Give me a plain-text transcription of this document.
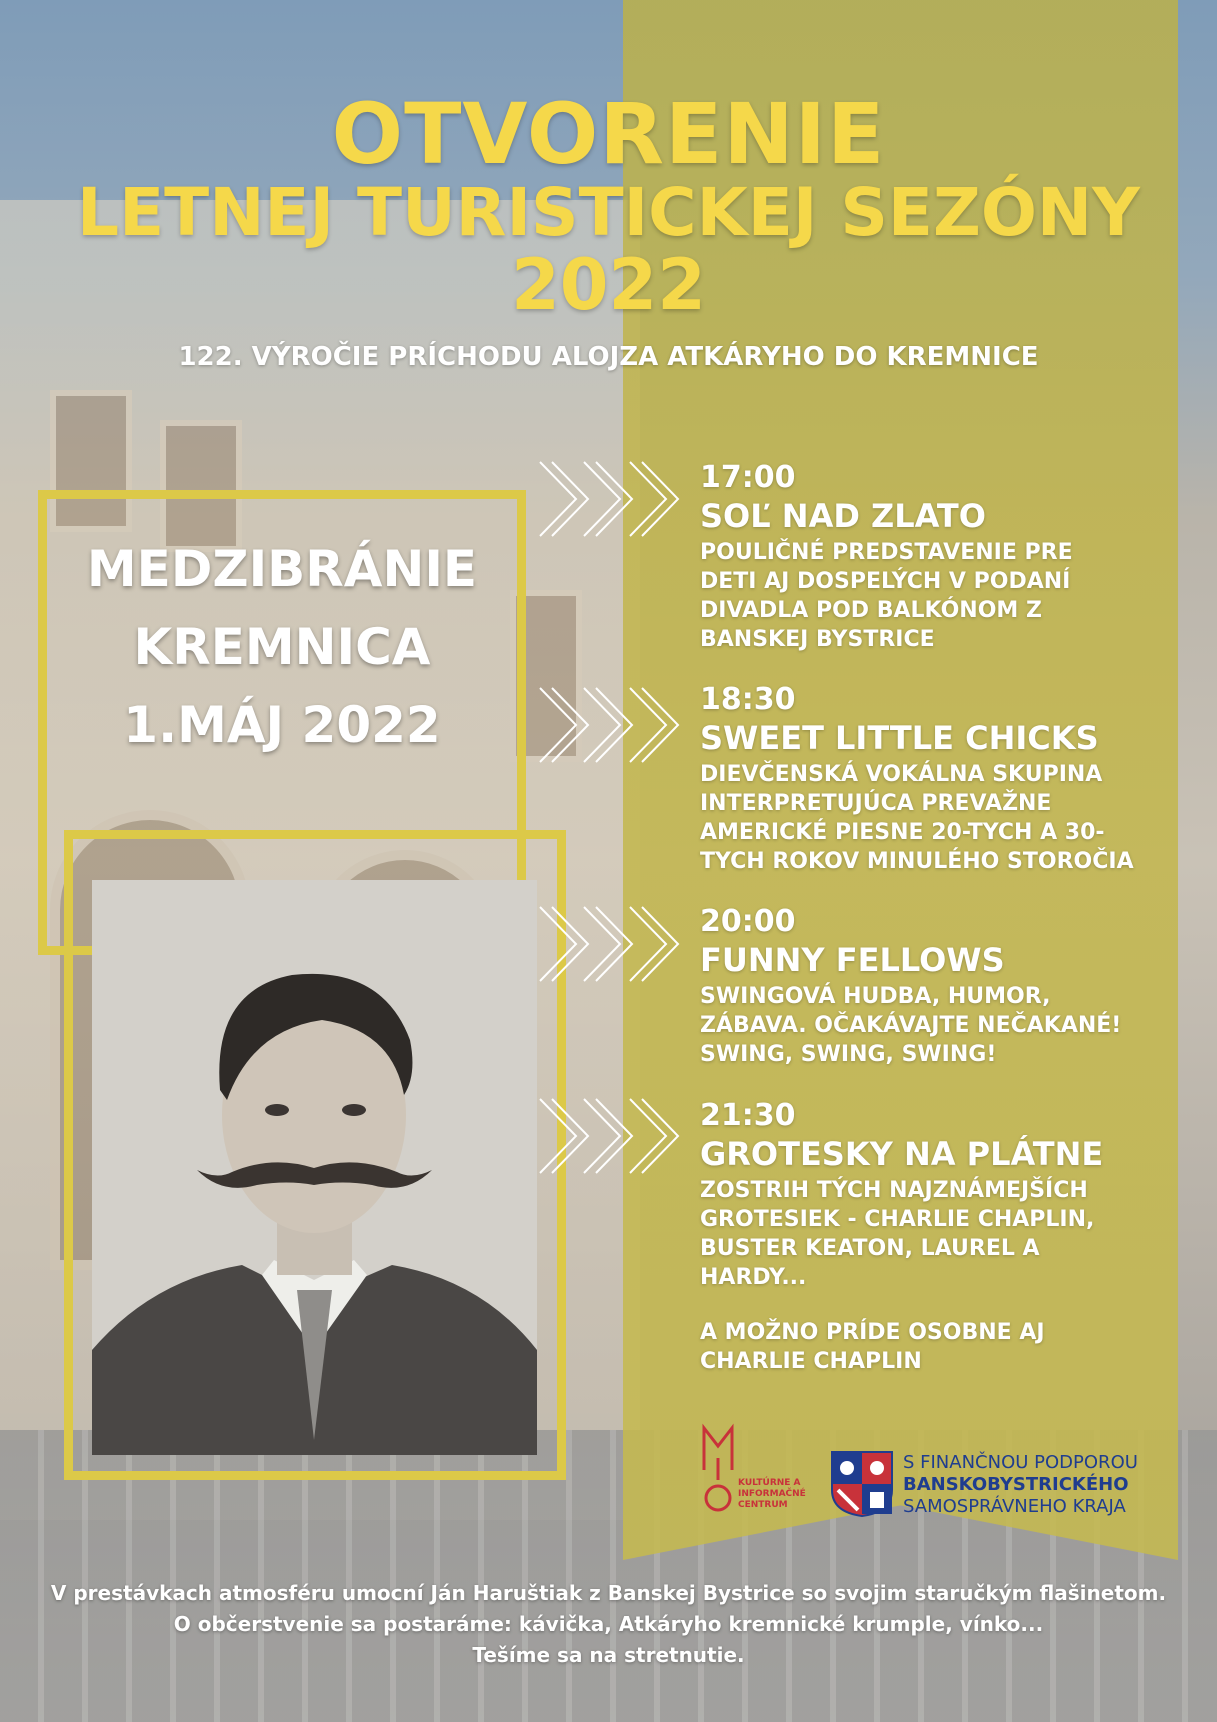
OTVORENIE
LETNEJ TURISTICKEJ SEZÓNY
2022
122. VÝROČIE PRÍCHODU ALOJZA ATKÁRYHO DO KREMNICE
MEDZIBRÁNIE
KREMNICA
1.MÁJ 2022
17:00
SOĽ NAD ZLATO
POULIČNÉ PREDSTAVENIE PRE
DETI AJ DOSPELÝCH V PODANÍ
DIVADLA POD BALKÓNOM Z
BANSKEJ BYSTRICE
18:30
SWEET LITTLE CHICKS
DIEVČENSKÁ VOKÁLNA SKUPINA
INTERPRETUJÚCA PREVAŽNE
AMERICKÉ PIESNE 20-TYCH A 30-
TYCH ROKOV MINULÉHO STOROČIA
20:00
FUNNY FELLOWS
SWINGOVÁ HUDBA, HUMOR,
ZÁBAVA. OČAKÁVAJTE NEČAKANÉ!
SWING, SWING, SWING!
21:30
GROTESKY NA PLÁTNE
ZOSTRIH TÝCH NAJZNÁMEJŠÍCH
GROTESIEK - CHARLIE CHAPLIN,
BUSTER KEATON, LAUREL A
HARDY...
A MOŽNO PRÍDE OSOBNE AJ
CHARLIE CHAPLIN
KULTÚRNE A
INFORMAČNÉ
CENTRUM
S FINANČNOU PODPOROU
BANSKOBYSTRICKÉHO
SAMOSPRÁVNEHO KRAJA
V prestávkach atmosféru umocní Ján Haruštiak z Banskej Bystrice so svojim staručkým flašinetom.
O občerstvenie sa postaráme: kávička, Atkáryho kremnické krumple, vínko...
Tešíme sa na stretnutie.
